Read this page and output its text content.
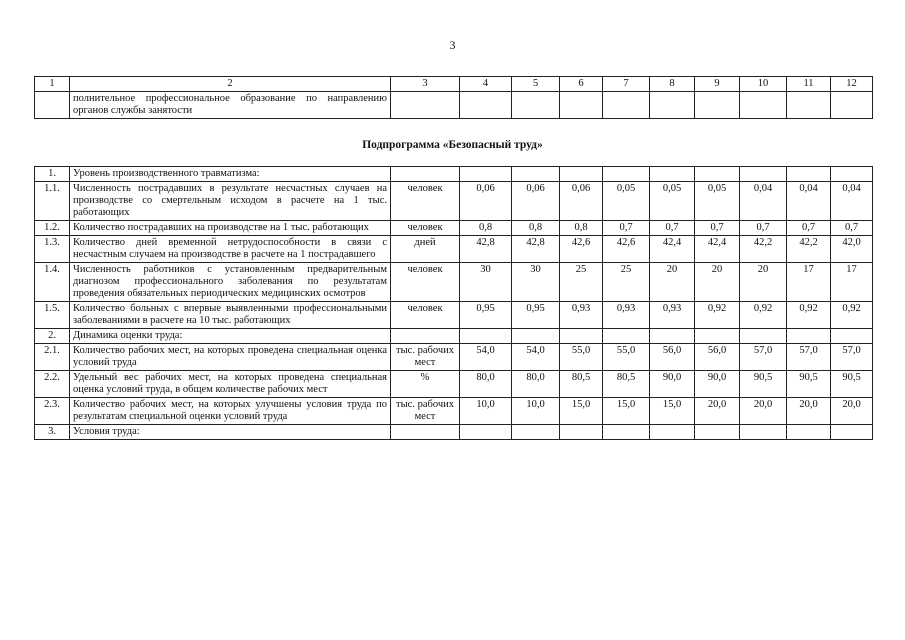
3
1	2	3	4	5	6	7	8	9	10	11	12
	полнительное профессиональное образование по направлению органов службы занятости										
Подпрограмма «Безопасный труд»
1.	Уровень производственного травматизма:										
1.1.	Численность пострадавших в результате несчастных случаев на производстве со смертельным исходом в расчете на 1 тыс. работающих	человек	0,06	0,06	0,06	0,05	0,05	0,05	0,04	0,04	0,04
1.2.	Количество пострадавших на производстве на 1 тыс. работающих	человек	0,8	0,8	0,8	0,7	0,7	0,7	0,7	0,7	0,7
1.3.	Количество дней временной нетрудоспособности в связи с несчастным случаем на производстве в расчете на 1 пострадавшего	дней	42,8	42,8	42,6	42,6	42,4	42,4	42,2	42,2	42,0
1.4.	Численность работников с установленным предварительным диагнозом профессионального заболевания по результатам проведения обязательных периодических медицинских осмотров	человек	30	30	25	25	20	20	20	17	17
1.5.	Количество больных с впервые выявленными профессиональными заболеваниями в расчете на 10 тыс. работающих	человек	0,95	0,95	0,93	0,93	0,93	0,92	0,92	0,92	0,92
2.	Динамика оценки труда:										
2.1.	Количество рабочих мест, на которых проведена специальная оценка условий труда	тыс. рабочих мест	54,0	54,0	55,0	55,0	56,0	56,0	57,0	57,0	57,0
2.2.	Удельный вес рабочих мест, на которых проведена специальная оценка условий труда, в общем количестве рабочих мест	%	80,0	80,0	80,5	80,5	90,0	90,0	90,5	90,5	90,5
2.3.	Количество рабочих мест, на которых улучшены условия труда по результатам специальной оценки условий труда	тыс. рабочих мест	10,0	10,0	15,0	15,0	15,0	20,0	20,0	20,0	20,0
3.	Условия труда:										
